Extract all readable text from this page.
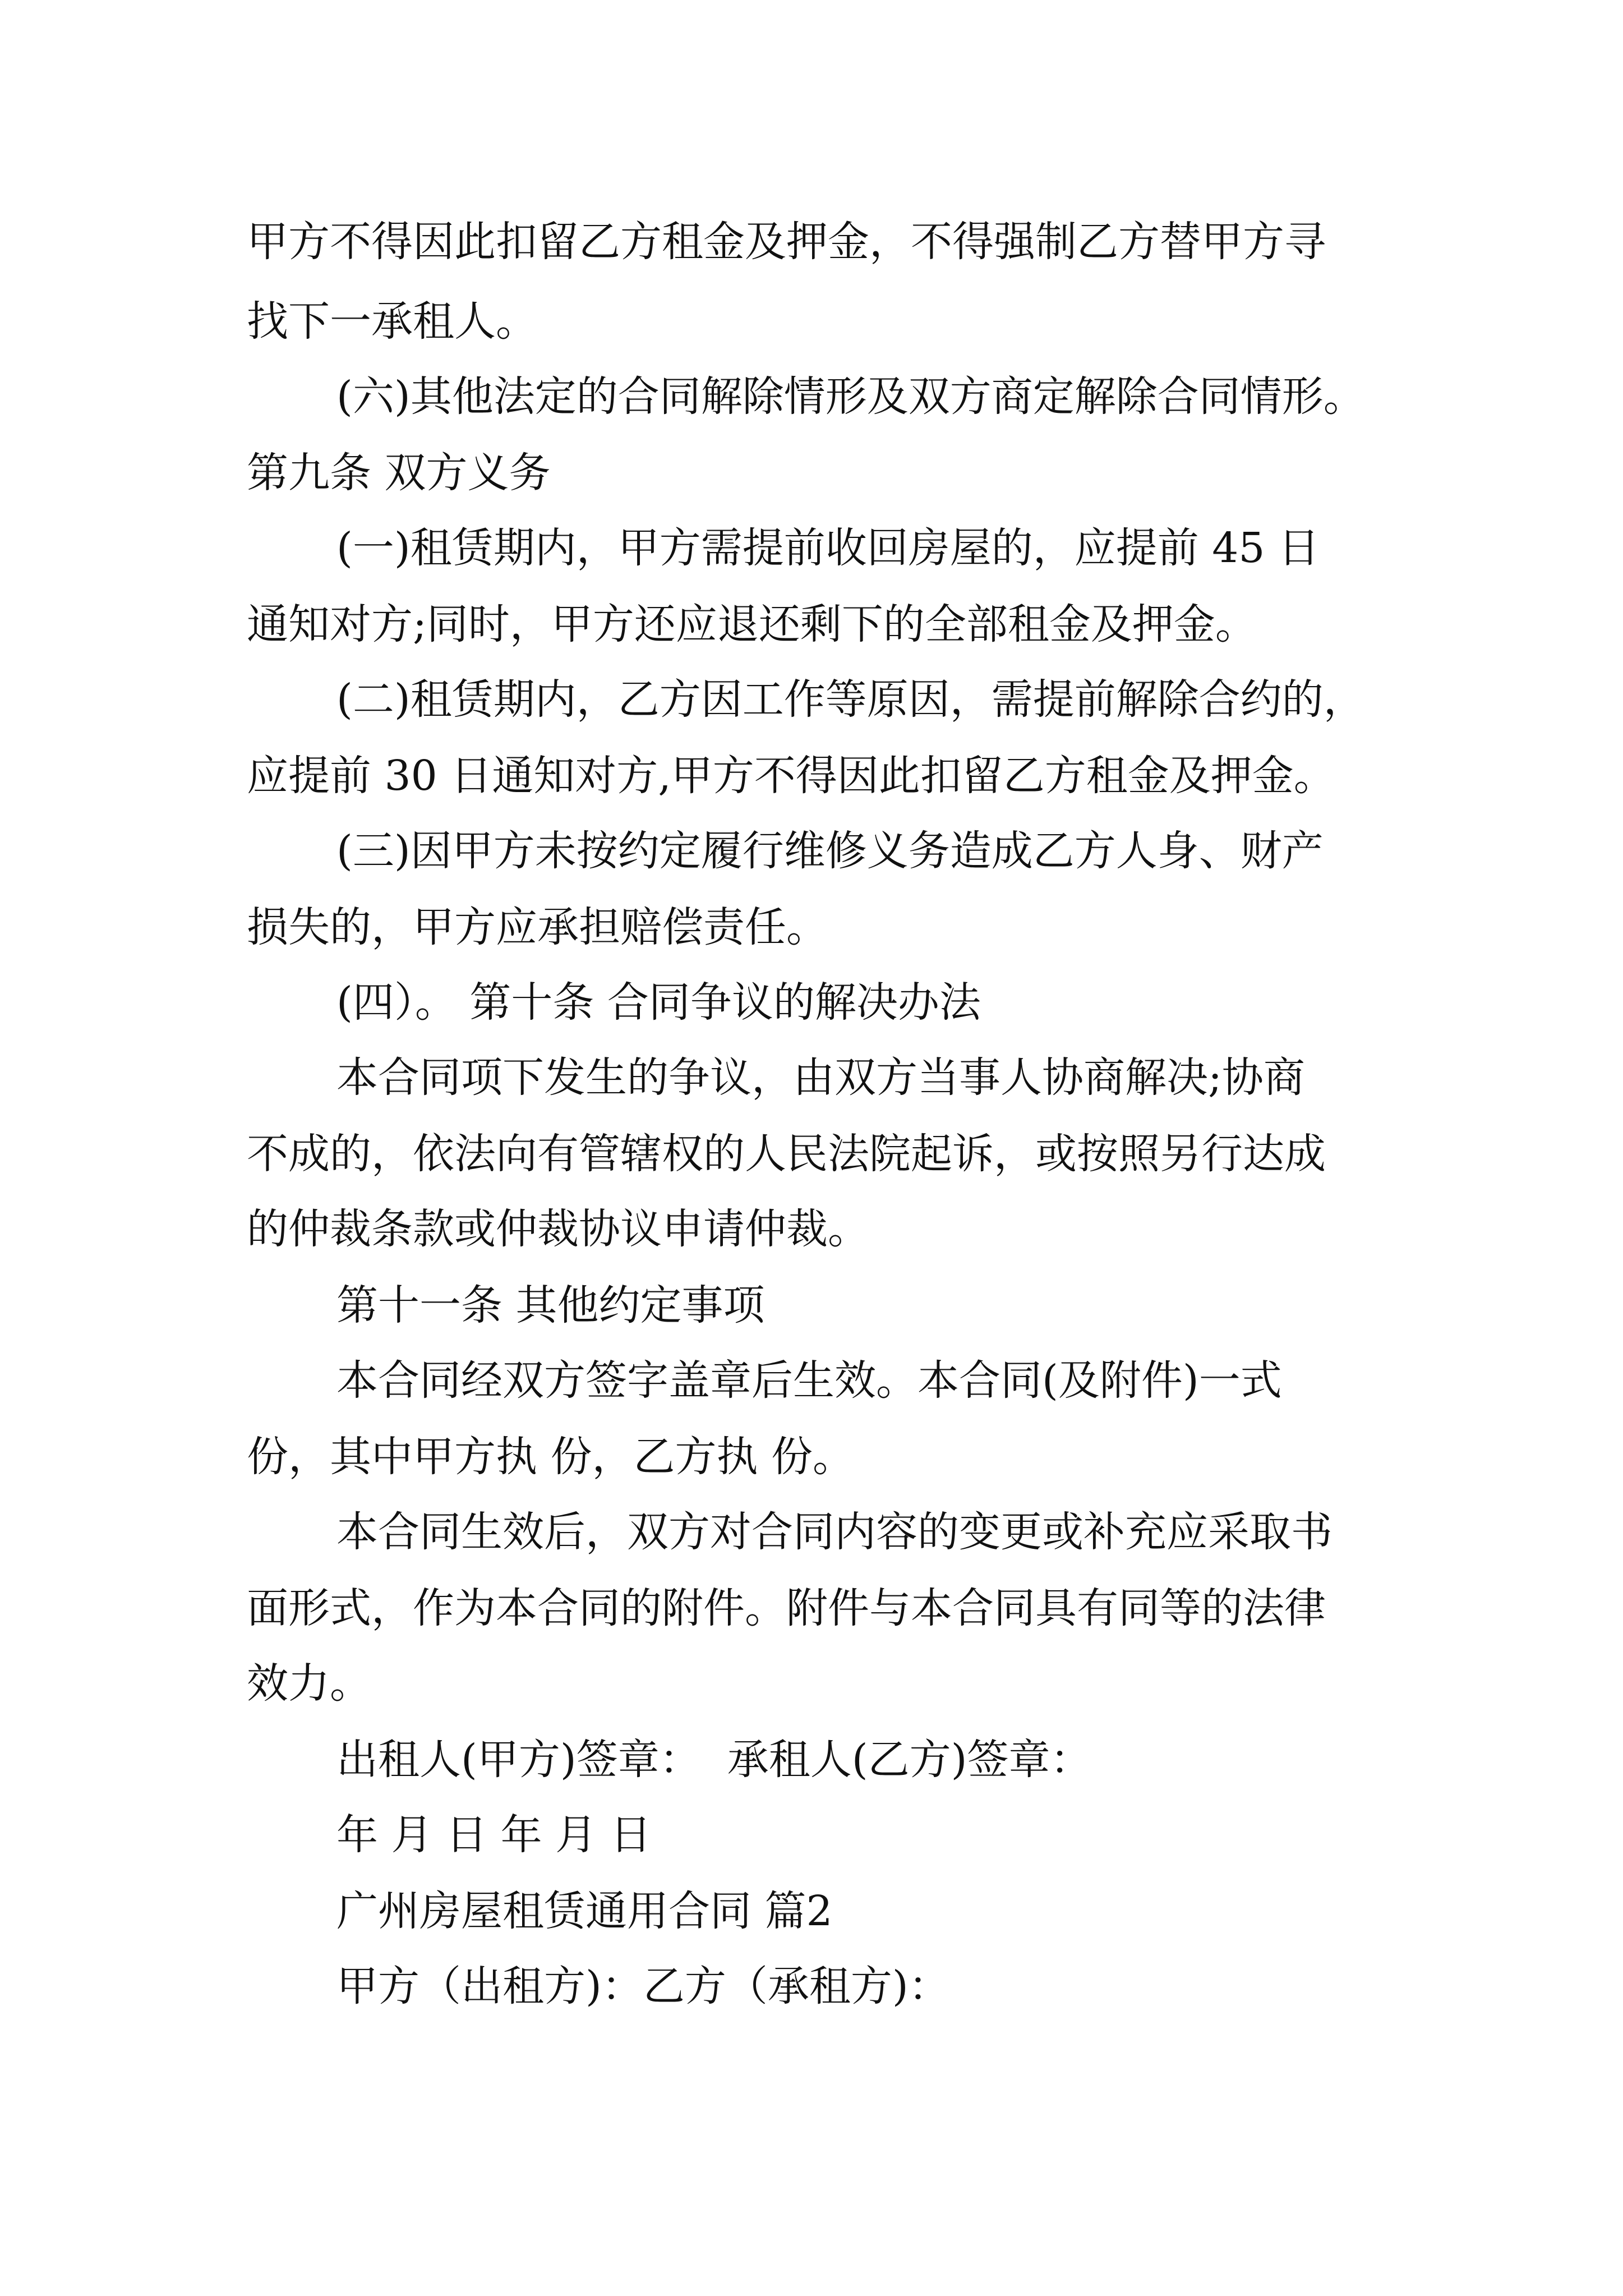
甲方不得因此扣留乙方租金及押金，不得强制乙方替甲方寻
找下一承租人。
(六)其他法定的合同解除情形及双方商定解除合同情形。
第九条 双方义务
(一)租赁期内，甲方需提前收回房屋的，应提前 45 日
通知对方;同时，甲方还应退还剩下的全部租金及押金。
(二)租赁期内，乙方因工作等原因，需提前解除合约的，
应提前 30 日通知对方,甲方不得因此扣留乙方租金及押金。
(三)因甲方未按约定履行维修义务造成乙方人身、财产
损失的，甲方应承担赔偿责任。
(四）。 第十条 合同争议的解决办法
本合同项下发生的争议，由双方当事人协商解决;协商
不成的，依法向有管辖权的人民法院起诉，或按照另行达成
的仲裁条款或仲裁协议申请仲裁。
第十一条 其他约定事项
本合同经双方签字盖章后生效。本合同(及附件)一式
份，其中甲方执 份，乙方执 份。
本合同生效后，双方对合同内容的变更或补充应采取书
面形式，作为本合同的附件。附件与本合同具有同等的法律
效力。
出租人(甲方)签章：  承租人(乙方)签章：
年 月 日 年 月 日
广州房屋租赁通用合同 篇2
甲方（出租方)：乙方（承租方)：
